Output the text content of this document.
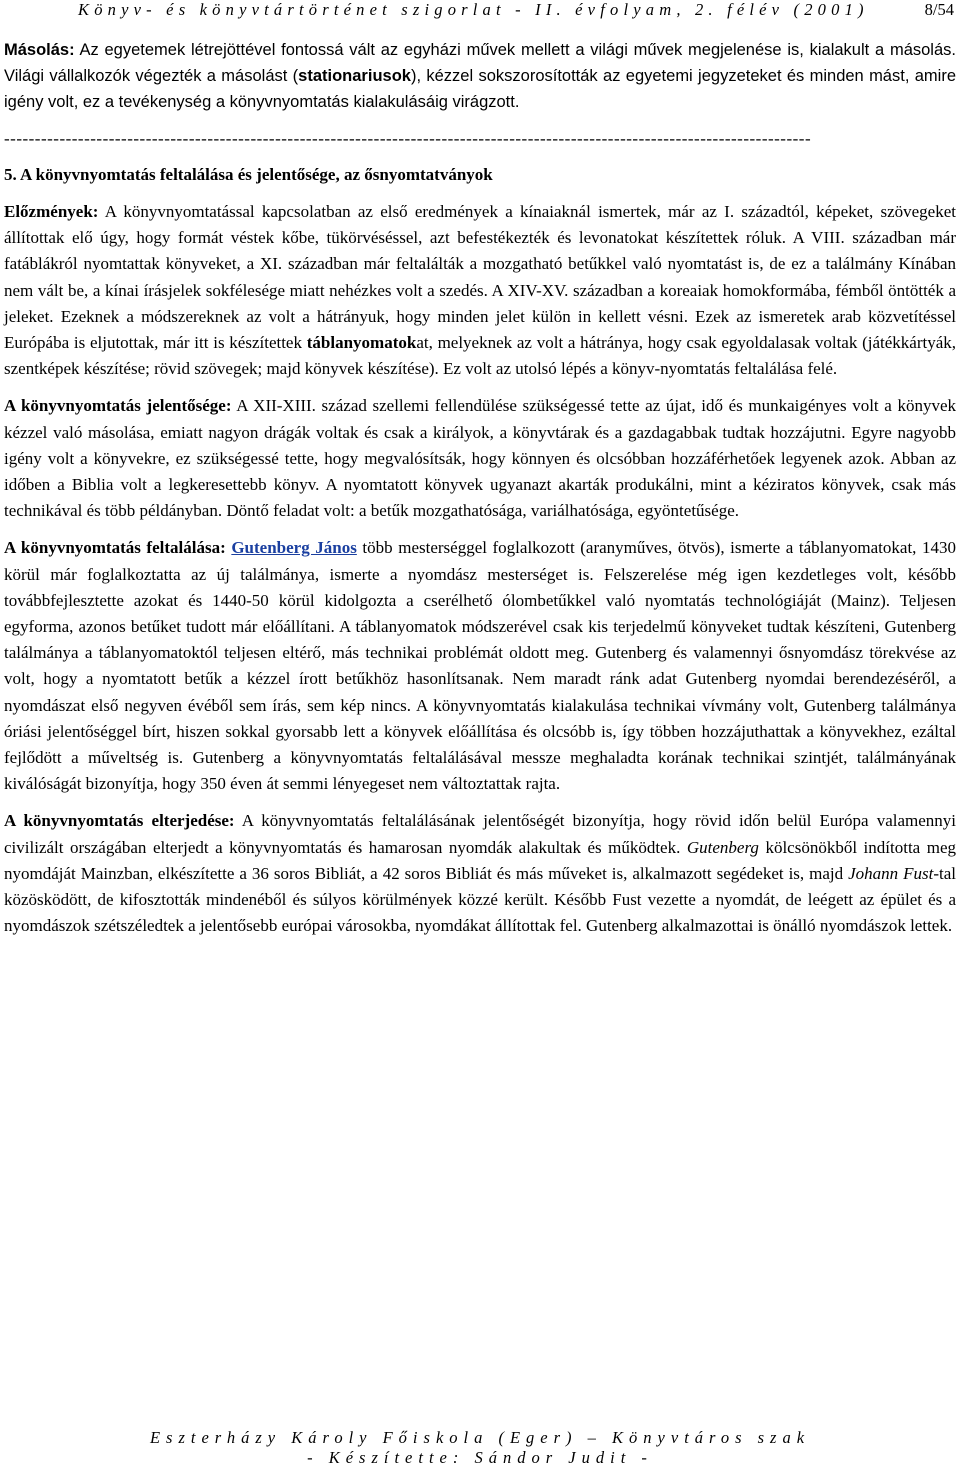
Könyv- és könyvtártörténet szigorlat - II. évfolyam, 2. félév (2001)	8/54

Másolás: Az egyetemek létrejöttével fontossá vált az egyházi művek mellett a világi művek megjelenése is, kialakult a másolás. Világi vállalkozók végezték a másolást (stationariusok), kézzel sokszorosították az egyetemi jegyzeteket és minden mást, amire igény volt, ez a tevékenység a könyvnyomtatás kialakulásáig virágzott.

-----------------------------------------------------------------------------------------------------------------------------------

5. A könyvnyomtatás feltalálása és jelentősége, az ősnyomtatványok

Előzmények: A könyvnyomtatással kapcsolatban az első eredmények a kínaiaknál ismertek, már az I. századtól, képeket, szövegeket állítottak elő úgy, hogy formát véstek kőbe, tükörvéséssel, azt befestékezték és levonatokat készítettek róluk. A VIII. században már fatáblákról nyomtattak könyveket, a XI. században már feltalálták a mozgatható betűkkel való nyomtatást is, de ez a találmány Kínában nem vált be, a kínai írásjelek sokfélesége miatt nehézkes volt a szedés. A XIV-XV. században a koreaiak homokformába, fémből öntötték a jeleket. Ezeknek a módszereknek az volt a hátrányuk, hogy minden jelet külön in kellett vésni. Ezek az ismeretek arab közvetítéssel Európába is eljutottak, már itt is készítettek táblanyomatokat, melyeknek az volt a hátránya, hogy csak egyoldalasak voltak (játékkártyák, szentképek készítése; rövid szövegek; majd könyvek készítése). Ez volt az utolsó lépés a könyv-nyomtatás feltalálása felé.

A könyvnyomtatás jelentősége: A XII-XIII. század szellemi fellendülése szükségessé tette az újat, idő és munkaigényes volt a könyvek kézzel való másolása, emiatt nagyon drágák voltak és csak a királyok, a könyvtárak és a gazdagabbak tudtak hozzájutni. Egyre nagyobb igény volt a könyvekre, ez szükségessé tette, hogy megvalósítsák, hogy könnyen és olcsóbban hozzáférhetőek legyenek azok. Abban az időben a Biblia volt a legkeresettebb könyv. A nyomtatott könyvek ugyanazt akarták produkálni, mint a kéziratos könyvek, csak más technikával és több példányban. Döntő feladat volt: a betűk mozgathatósága, variálhatósága, egyöntetűsége.

A könyvnyomtatás feltalálása: Gutenberg János több mesterséggel foglalkozott (aranyműves, ötvös), ismerte a táblanyomatokat, 1430 körül már foglalkoztatta az új találmánya, ismerte a nyomdász mesterséget is. Felszerelése még igen kezdetleges volt, később továbbfejlesztette azokat és 1440-50 körül kidolgozta a cserélhető ólombetűkkel való nyomtatás technológiáját (Mainz). Teljesen egyforma, azonos betűket tudott már előállítani. A táblanyomatok módszerével csak kis terjedelmű könyveket tudtak készíteni, Gutenberg találmánya a táblanyomatoktól teljesen eltérő, más technikai problémát oldott meg. Gutenberg és valamennyi ősnyomdász törekvése az volt, hogy a nyomtatott betűk a kézzel írott betűkhöz hasonlítsanak. Nem maradt ránk adat Gutenberg nyomdai berendezéséről, a nyomdászat első negyven évéből sem írás, sem kép nincs. A könyvnyomtatás kialakulása technikai vívmány volt, Gutenberg találmánya óriási jelentőséggel bírt, hiszen sokkal gyorsabb lett a könyvek előállítása és olcsóbb is, így többen hozzájuthattak a könyvekhez, ezáltal fejlődött a műveltség is. Gutenberg a könyvnyomtatás feltalálásával messze meghaladta korának technikai szintjét, találmányának kiválóságát bizonyítja, hogy 350 éven át semmi lényegeset nem változtattak rajta.

A könyvnyomtatás elterjedése: A könyvnyomtatás feltalálásának jelentőségét bizonyítja, hogy rövid időn belül Európa valamennyi civilizált országában elterjedt a könyvnyomtatás és hamarosan nyomdák alakultak és működtek. Gutenberg kölcsönökből indította meg nyomdáját Mainzban, elkészítette a 36 soros Bibliát, a 42 soros Bibliát és más műveket is, alkalmazott segédeket is, majd Johann Fust-tal közösködött, de kifosztották mindenéből és súlyos körülmények közzé került. Később Fust vezette a nyomdát, de leégett az épület és a nyomdászok szétszéledtek a jelentősebb európai városokba, nyomdákat állítottak fel. Gutenberg alkalmazottai is önálló nyomdászok lettek.

Eszterházy Károly Főiskola (Eger) – Könyvtáros szak
- Készítette: Sándor Judit -
